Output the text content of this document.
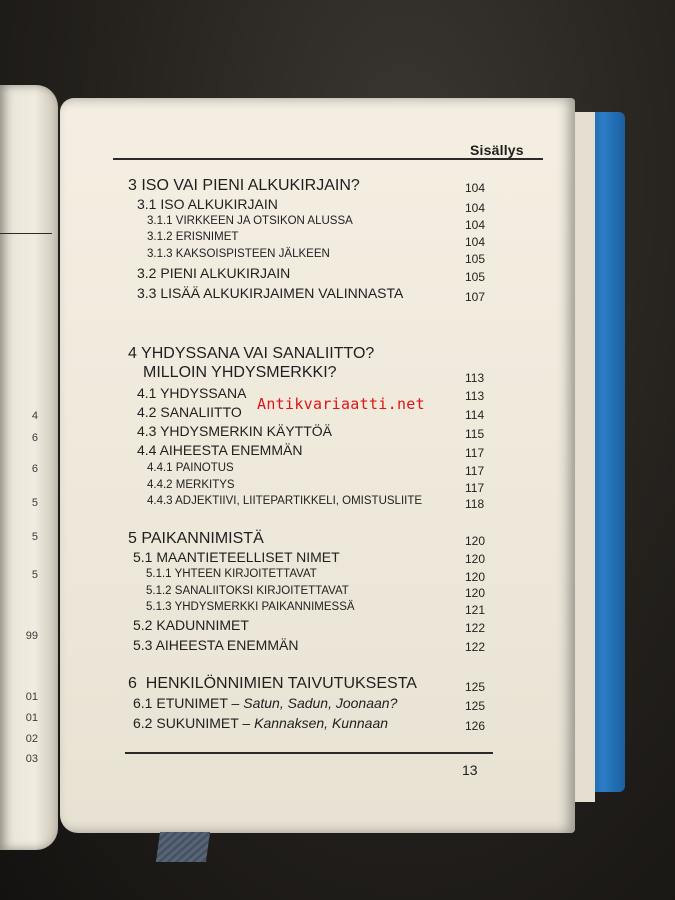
4
6
6
5
5
5
99
01
01
02
03
Sisällys
3 ISO VAI PIENI ALKUKIRJAIN?	104
3.1 ISO ALKUKIRJAIN	104
3.1.1 VIRKKEEN JA OTSIKON ALUSSA	104
3.1.2 ERISNIMET	104
3.1.3 KAKSOISPISTEEN JÄLKEEN	105
3.2 PIENI ALKUKIRJAIN	105
3.3 LISÄÄ ALKUKIRJAIMEN VALINNASTA	107
4 YHDYSSANA VAI SANALIITTO?
MILLOIN YHDYSMERKKI?	113
4.1 YHDYSSANA	113
4.2 SANALIITTO	114
4.3 YHDYSMERKIN KÄYTTÖÄ	115
4.4 AIHEESTA ENEMMÄN	117
4.4.1 PAINOTUS	117
4.4.2 MERKITYS	117
4.4.3 ADJEKTIIVI, LIITEPARTIKKELI, OMISTUSLIITE	118
5 PAIKANNIMISTÄ	120
5.1 MAANTIETEELLISET NIMET	120
5.1.1 YHTEEN KIRJOITETTAVAT	120
5.1.2 SANALIITOKSI KIRJOITETTAVAT	120
5.1.3 YHDYSMERKKI PAIKANNIMESSÄ	121
5.2 KADUNNIMET	122
5.3 AIHEESTA ENEMMÄN	122
6  HENKILÖNNIMIEN TAIVUTUKSESTA	125
6.1 ETUNIMET – Satun, Sadun, Joonaan?	125
6.2 SUKUNIMET – Kannaksen, Kunnaan	126
13
Antikvariaatti.net
